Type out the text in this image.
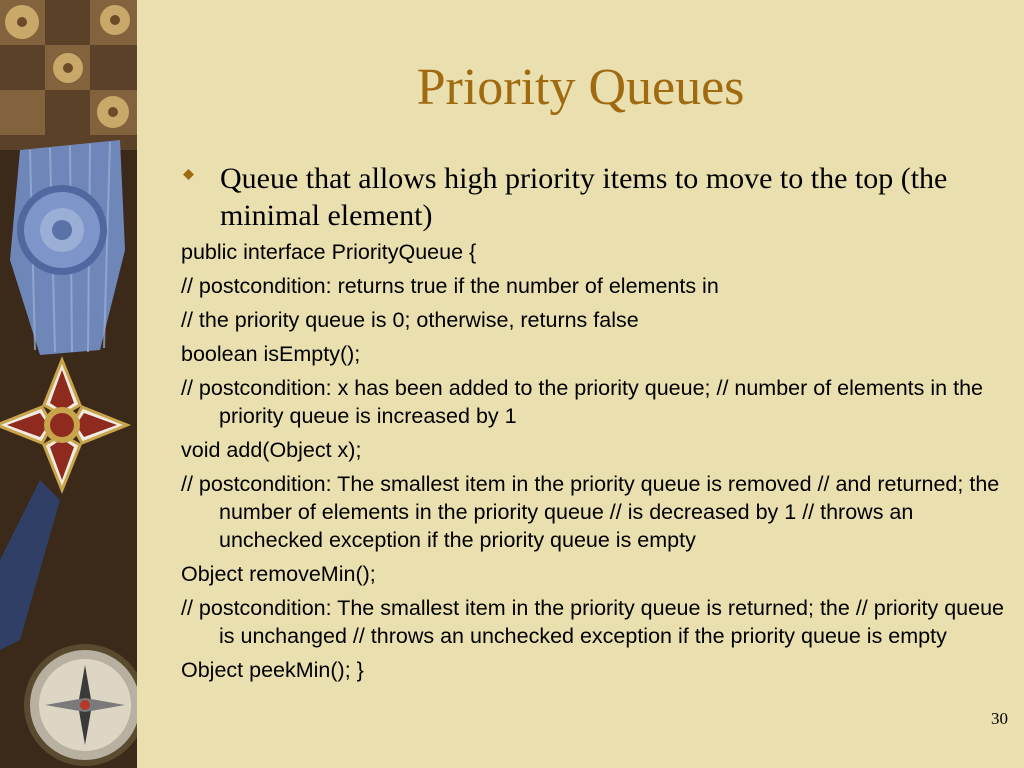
Priority Queues
Queue that allows high priority items to move to the top (the minimal element)
public interface PriorityQueue {
// postcondition: returns true if the number of elements in
// the priority queue is 0; otherwise, returns false
boolean isEmpty();
// postcondition: x has been added to the priority queue; // number of elements in the priority queue is increased by 1
void add(Object x);
// postcondition: The smallest item in the priority queue is removed // and returned; the number of elements in the priority queue // is decreased by 1 // throws an unchecked exception if the priority queue is empty
Object removeMin();
// postcondition: The smallest item in the priority queue is returned; the // priority queue is unchanged // throws an unchecked exception if the priority queue is empty
Object peekMin(); }
30
